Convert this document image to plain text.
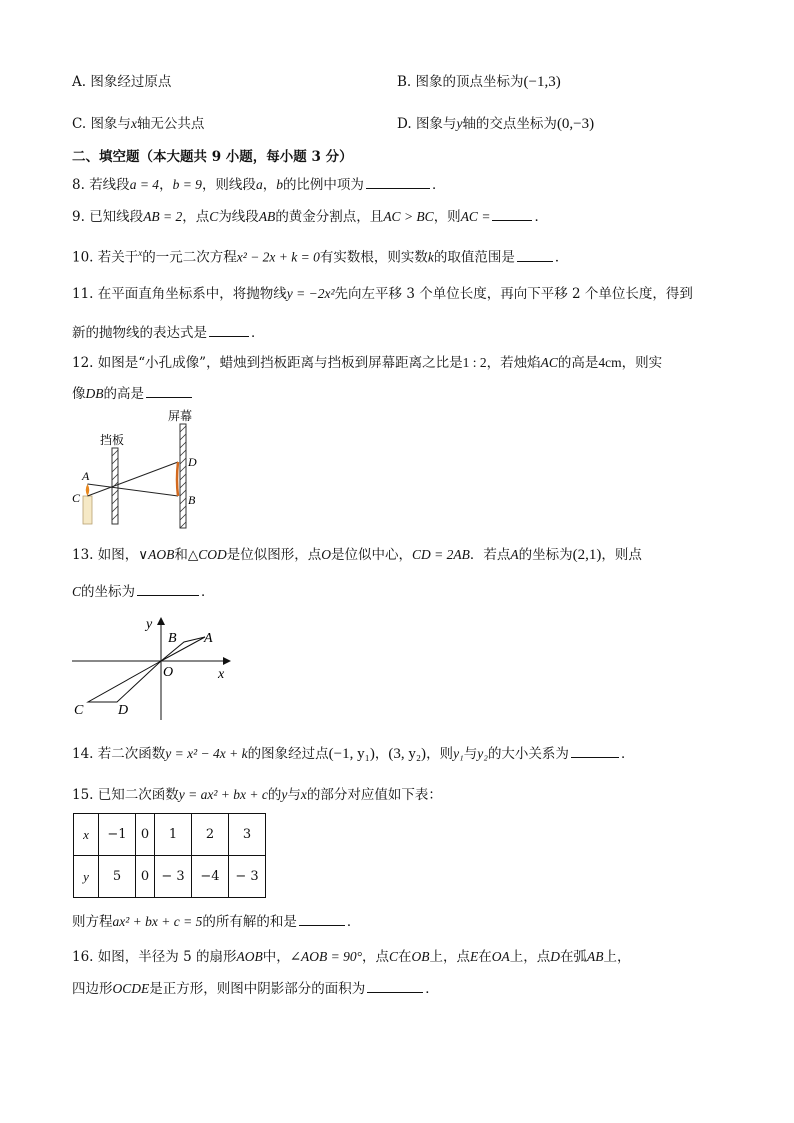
A. 图象经过原点	B. 图象的顶点坐标为(−1,3)
C. 图象与x轴无公共点	D. 图象与y轴的交点坐标为(0,−3)
二、填空题（本大题共 9 小题，每小题 3 分）
8. 若线段a = 4，b = 9，则线段a，b的比例中项为	．
9. 已知线段AB = 2，点C为线段AB的黄金分割点，且AC > BC，则AC =	．
10. 若关于$^x$的一元二次方程x² − 2x + k = 0有实数根，则实数k的取值范围是	．
11. 在平面直角坐标系中，将抛物线y = −2x²先向左平移 3 个单位长度，再向下平移 2 个单位长度，得到
新的抛物线的表达式是	．
12. 如图是“小孔成像”，蜡烛到挡板距离与挡板到屏幕距离之比是1 : 2，若烛焰AC的高是4cm，则实
像DB的高是
屏幕
挡板
A
C
D
B
13. 如图，∨AOB和△COD是位似图形，点O是位似中心，CD = 2AB．若点A的坐标为(2,1)，则点
C的坐标为	．
y
x
O
A
B
C D
14. 若二次函数y = x² − 4x + k的图象经过点(−1, y₁)，(3, y₂)，则y₁与y₂的大小关系为	．
15. 已知二次函数y = ax² + bx + c的y与x的部分对应值如下表：
x	−1	0	1	2	3
y	5	0	− 3	−4	− 3
则方程ax² + bx + c = 5的所有解的和是	．
16. 如图，半径为 5 的扇形AOB中，∠AOB = 90°，点C在OB上，点E在OA上，点D在弧AB上，
四边形OCDE是正方形，则图中阴影部分的面积为	．
